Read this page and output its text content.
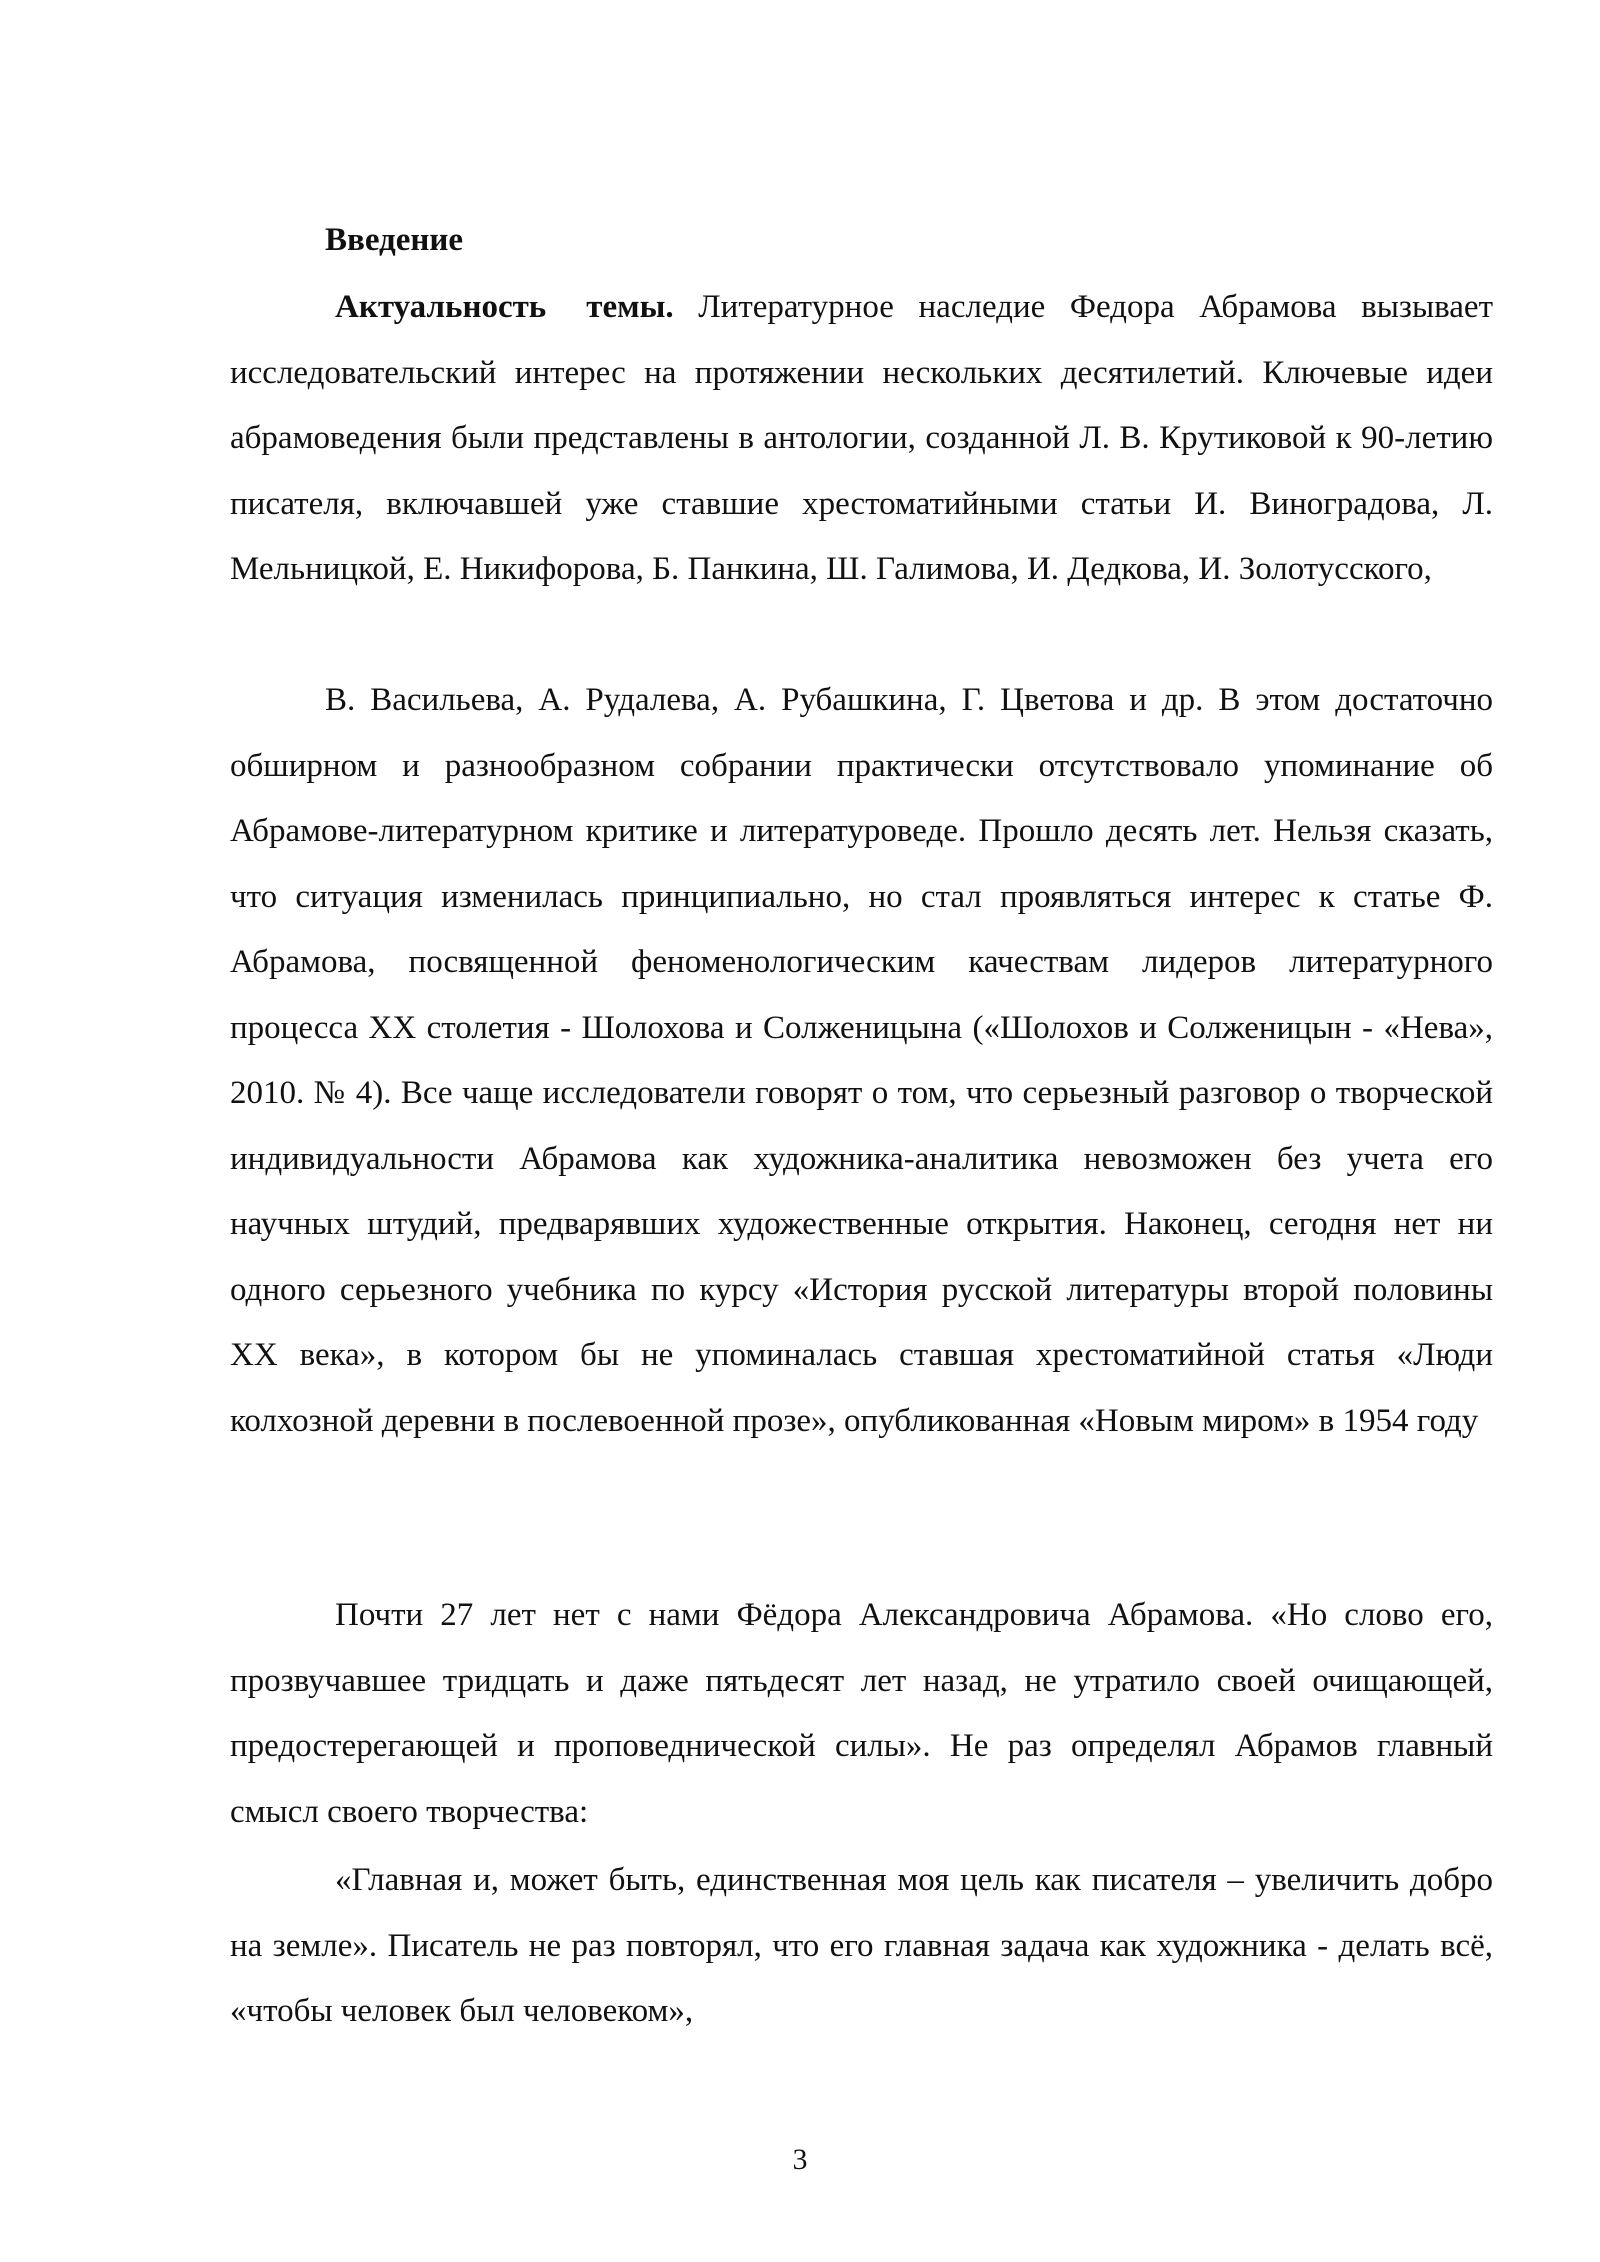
Введение

Актуальность темы. Литературное наследие Федора Абрамова вызывает исследовательский интерес на протяжении нескольких десятилетий. Ключевые идеи абрамоведения были представлены в антологии, созданной Л. В. Крутиковой к 90-летию писателя, включавшей уже ставшие хрестоматийными статьи И. Виноградова, Л. Мельницкой, Е. Никифорова, Б. Панкина, Ш. Галимова, И. Дедкова, И. Золотусского,

В. Васильева, А. Рудалева, А. Рубашкина, Г. Цветова и др. В этом достаточно обширном и разнообразном собрании практически отсутствовало упоминание об Абрамове-литературном критике и литературоведе. Прошло десять лет. Нельзя сказать, что ситуация изменилась принципиально, но стал проявляться интерес к статье Ф. Абрамова, посвященной феноменологическим качествам лидеров литературного процесса ХХ столетия - Шолохова и Солженицына («Шолохов и Солженицын - «Нева», 2010. № 4). Все чаще исследователи говорят о том, что серьезный разговор о творческой индивидуальности Абрамова как художника-аналитика невозможен без учета его научных штудий, предварявших художественные открытия. Наконец, сегодня нет ни одного серьезного учебника по курсу «История русской литературы второй половины ХХ века», в котором бы не упоминалась ставшая хрестоматийной статья «Люди колхозной деревни в послевоенной прозе», опубликованная «Новым миром» в 1954 году

Почти 27 лет нет с нами Фёдора Александровича Абрамова. «Но слово его, прозвучавшее тридцать и даже пятьдесят лет назад, не утратило своей очищающей, предостерегающей и проповеднической силы». Не раз определял Абрамов главный смысл своего творчества:

«Главная и, может быть, единственная моя цель как писателя – увеличить добро на земле». Писатель не раз повторял, что его главная задача как художника - делать всё, «чтобы человек был человеком»,

3
